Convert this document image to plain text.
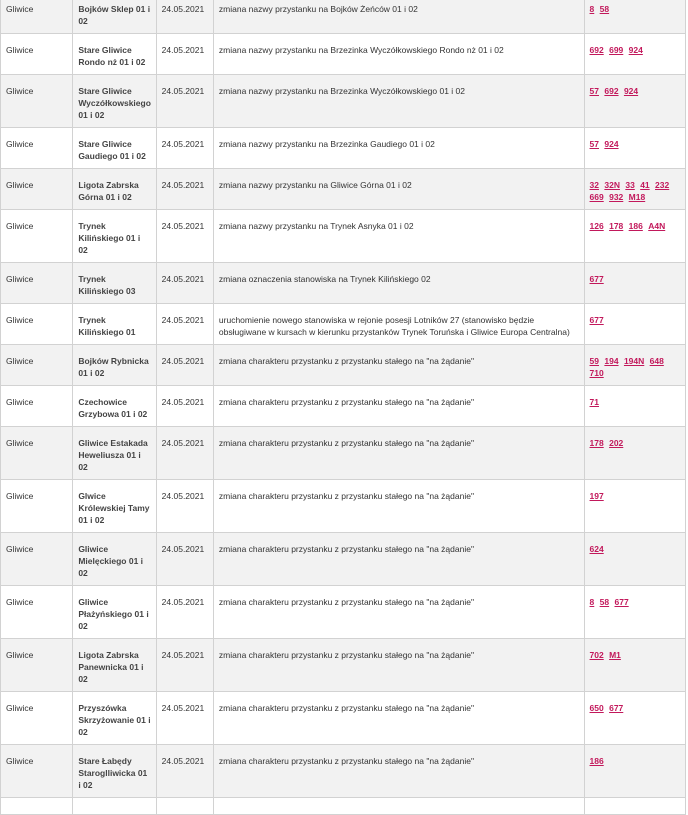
Gliwice	Bojków Sklep 01 i 02	24.05.2021	zmiana nazwy przystanku na Bojków Żeńców 01 i 02	8 58
Gliwice	Stare Gliwice Rondo nż 01 i 02	24.05.2021	zmiana nazwy przystanku na Brzezinka Wyczółkowskiego Rondo nż 01 i 02	692 699 924
Gliwice	Stare Gliwice Wyczółkowskiego 01 i 02	24.05.2021	zmiana nazwy przystanku na Brzezinka Wyczółkowskiego 01 i 02	57 692 924
Gliwice	Stare Gliwice Gaudiego 01 i 02	24.05.2021	zmiana nazwy przystanku na Brzezinka Gaudiego 01 i 02	57 924
Gliwice	Ligota Zabrska Górna 01 i 02	24.05.2021	zmiana nazwy przystanku na Gliwice Górna 01 i 02	32 32N 33 41 232 669 932 M18
Gliwice	Trynek Kilińskiego 01 i 02	24.05.2021	zmiana nazwy przystanku na Trynek Asnyka 01 i 02	126 178 186 A4N
Gliwice	Trynek Kilińskiego 03	24.05.2021	zmiana oznaczenia stanowiska na Trynek Kilińskiego 02	677
Gliwice	Trynek Kilińskiego 01	24.05.2021	uruchomienie nowego stanowiska w rejonie posesji Lotników 27 (stanowisko będzie obsługiwane w kursach w kierunku przystanków Trynek Toruńska i Gliwice Europa Centralna)	677
Gliwice	Bojków Rybnicka 01 i 02	24.05.2021	zmiana charakteru przystanku z przystanku stałego na "na żądanie"	59 194 194N 648 710
Gliwice	Czechowice Grzybowa 01 i 02	24.05.2021	zmiana charakteru przystanku z przystanku stałego na "na żądanie"	71
Gliwice	Gliwice Estakada Heweliusza 01 i 02	24.05.2021	zmiana charakteru przystanku z przystanku stałego na "na żądanie"	178 202
Gliwice	Glwice Królewskiej Tamy 01 i 02	24.05.2021	zmiana charakteru przystanku z przystanku stałego na "na żądanie"	197
Gliwice	Gliwice Mielęckiego 01 i 02	24.05.2021	zmiana charakteru przystanku z przystanku stałego na "na żądanie"	624
Gliwice	Gliwice Płażyńskiego 01 i 02	24.05.2021	zmiana charakteru przystanku z przystanku stałego na "na żądanie"	8 58 677
Gliwice	Ligota Zabrska Panewnicka 01 i 02	24.05.2021	zmiana charakteru przystanku z przystanku stałego na "na żądanie"	702 M1
Gliwice	Przyszówka Skrzyżowanie 01 i 02	24.05.2021	zmiana charakteru przystanku z przystanku stałego na "na żądanie"	650 677
Gliwice	Stare Łabędy Staroglliwicka 01 i 02	24.05.2021	zmiana charakteru przystanku z przystanku stałego na "na żądanie"	186
